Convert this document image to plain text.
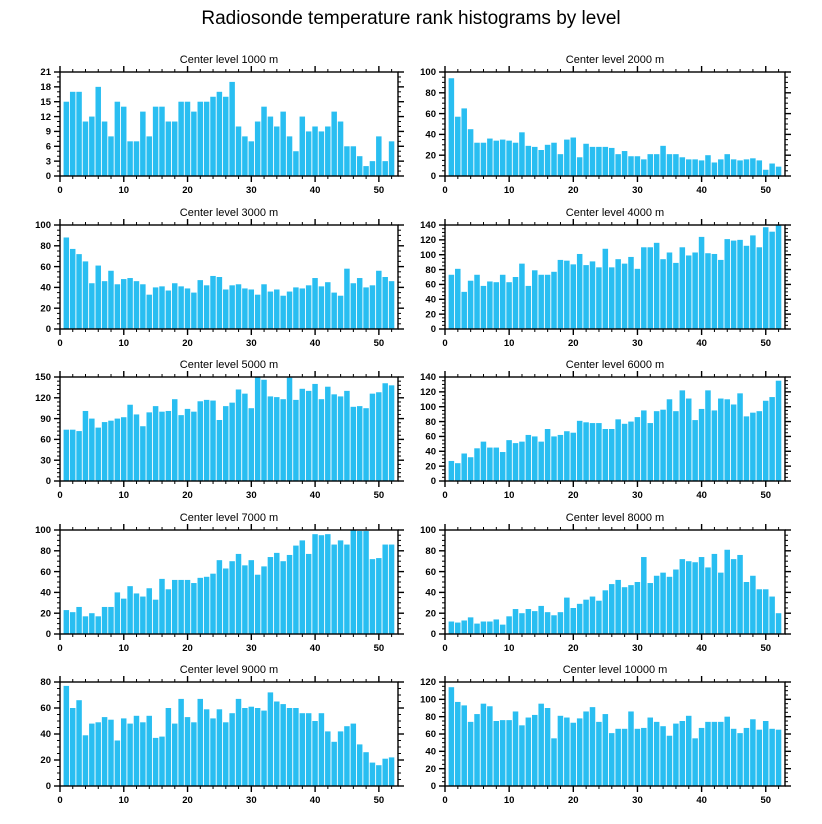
Radiosonde temperature rank histograms by level
Center level 1000 m
0
3
6
9
12
15
18
21
0	10	20	30	40	50
Center level 2000 m
0
20
40
60
80
100
0	10	20	30	40	50
Center level 3000 m
0
20
40
60
80
100
0	10	20	30	40	50
Center level 4000 m
0
20
40
60
80
100
120
140
0	10	20	30	40	50
Center level 5000 m
0
30
60
90
120
150
0	10	20	30	40	50
Center level 6000 m
0
20
40
60
80
100
120
140
0	10	20	30	40	50
Center level 7000 m
0
20
40
60
80
100
0	10	20	30	40	50
Center level 8000 m
0
20
40
60
80
100
0	10	20	30	40	50
Center level 9000 m
0
20
40
60
80
0	10	20	30	40	50
Center level 10000 m
0
20
40
60
80
100
120
0	10	20	30	40	50
